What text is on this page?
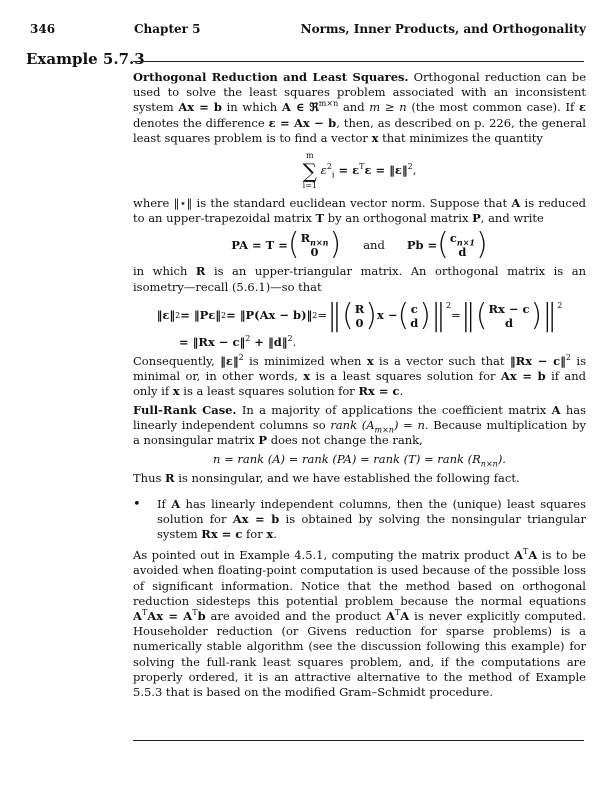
346	Chapter 5	Norms, Inner Products, and Orthogonality
Example 5.7.3

Orthogonal Reduction and Least Squares. Orthogonal reduction can be used to solve the least squares problem associated with an inconsistent system Ax = b in which A ∈ ℜ$^{m\times n}$ and m ≥ n (the most common case). If ε denotes the difference ε = Ax − b, then, as described on p. 226, the general least squares problem is to find a vector x that minimizes the quantity

m
∑
i=1
$\varepsilon^2_i = \varepsilon^T\varepsilon$ = ‖ε‖$^2$,

where ‖⋆‖ is the standard euclidean vector norm. Suppose that A is reduced to an upper-trapezoidal matrix T by an orthogonal matrix P, and write

PA = T = ( $R_{n\times n}$
0 ) and Pb = ( $c_{n\times 1}$
d )

in which R is an upper-triangular matrix. An orthogonal matrix is an isometry—recall (5.6.1)—so that

‖ε‖ 2 = ‖Pε‖ 2 = ‖P(Ax − b)‖ 2 = ‖ ( R
0 ) x − ( c
d ) ‖$^2$
= ‖ ( Rx − c
d ) ‖$^2$
= ‖Rx − c‖$^2$ + ‖d‖$^2$.

Consequently, ‖ε‖$^2$ is minimized when x is a vector such that ‖Rx − c‖$^2$ is minimal or, in other words, x is a least squares solution for Ax = b if and only if x is a least squares solution for Rx = c.

Full-Rank Case. In a majority of applications the coefficient matrix A has linearly independent columns so rank $(A_{m\times n}) = n$. Because multiplication by a nonsingular matrix P does not change the rank,

n = rank (A) = rank (PA) = rank (T) = rank $(R_{n\times n})$.

Thus R is nonsingular, and we have established the following fact.

•	If A has linearly independent columns, then the (unique) least squares solution for Ax = b is obtained by solving the nonsingular triangular system Rx = c for x.

As pointed out in Example 4.5.1, computing the matrix product $A^TA$ is to be avoided when floating-point computation is used because of the possible loss of significant information. Notice that the method based on orthogonal reduction sidesteps this potential problem because the normal equations $A^TAx = A^Tb$ are avoided and the product $A^TA$ is never explicitly computed. Householder reduction (or Givens reduction for sparse problems) is a numerically stable algorithm (see the discussion following this example) for solving the full-rank least squares problem, and, if the computations are properly ordered, it is an attractive alternative to the method of Example 5.5.3 that is based on the modified Gram–Schmidt procedure.
